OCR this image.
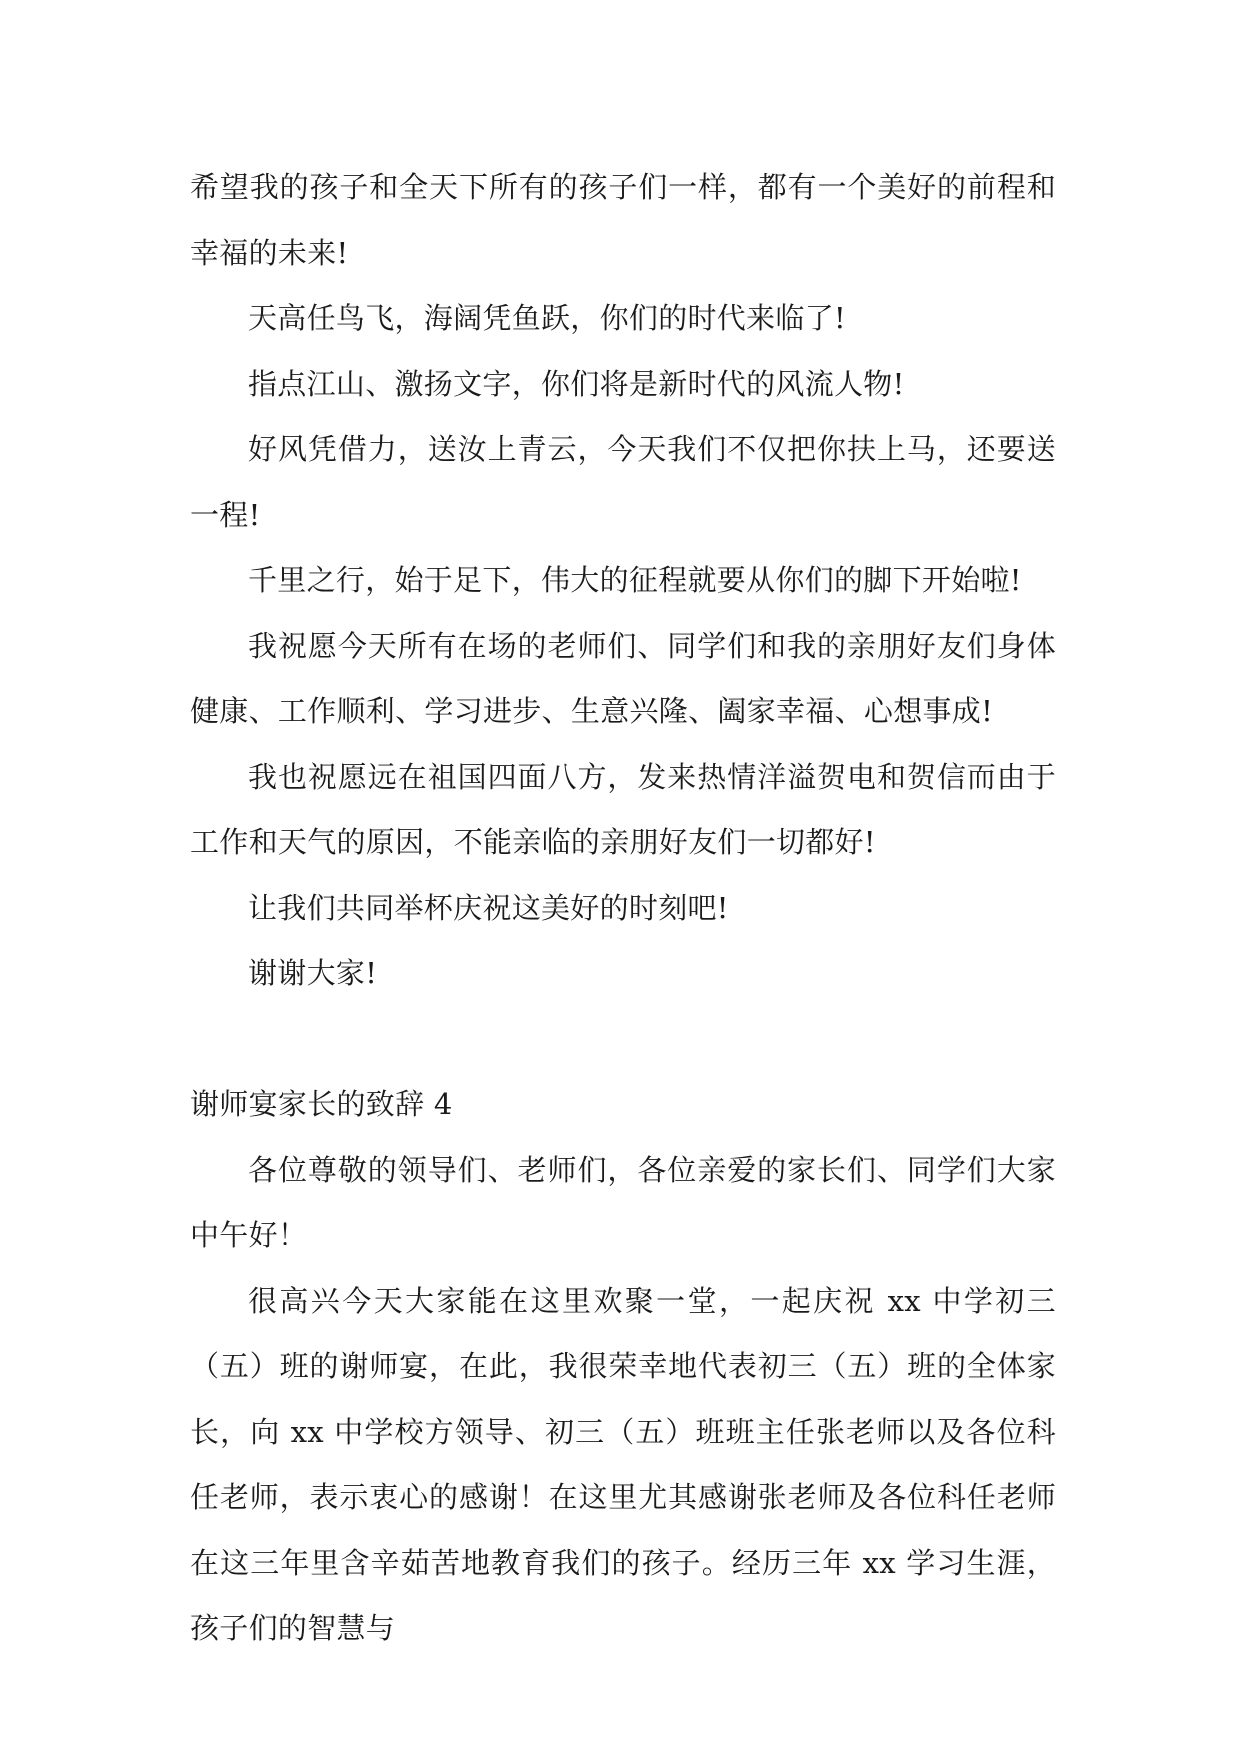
希望我的孩子和全天下所有的孩子们一样，都有一个美好的前程和幸福的未来!

天高任鸟飞，海阔凭鱼跃，你们的时代来临了!

指点江山、激扬文字，你们将是新时代的风流人物!

好风凭借力，送汝上青云，今天我们不仅把你扶上马，还要送一程!

千里之行，始于足下，伟大的征程就要从你们的脚下开始啦!

我祝愿今天所有在场的老师们、同学们和我的亲朋好友们身体健康、工作顺利、学习进步、生意兴隆、阖家幸福、心想事成!

我也祝愿远在祖国四面八方，发来热情洋溢贺电和贺信而由于工作和天气的原因，不能亲临的亲朋好友们一切都好!

让我们共同举杯庆祝这美好的时刻吧!

谢谢大家!

谢师宴家长的致辞 4

各位尊敬的领导们、老师们，各位亲爱的家长们、同学们大家中午好！

很高兴今天大家能在这里欢聚一堂，一起庆祝 xx 中学初三（五）班的谢师宴，在此，我很荣幸地代表初三（五）班的全体家长，向 xx 中学校方领导、初三（五）班班主任张老师以及各位科任老师，表示衷心的感谢！在这里尤其感谢张老师及各位科任老师在这三年里含辛茹苦地教育我们的孩子。经历三年 xx 学习生涯，孩子们的智慧与
